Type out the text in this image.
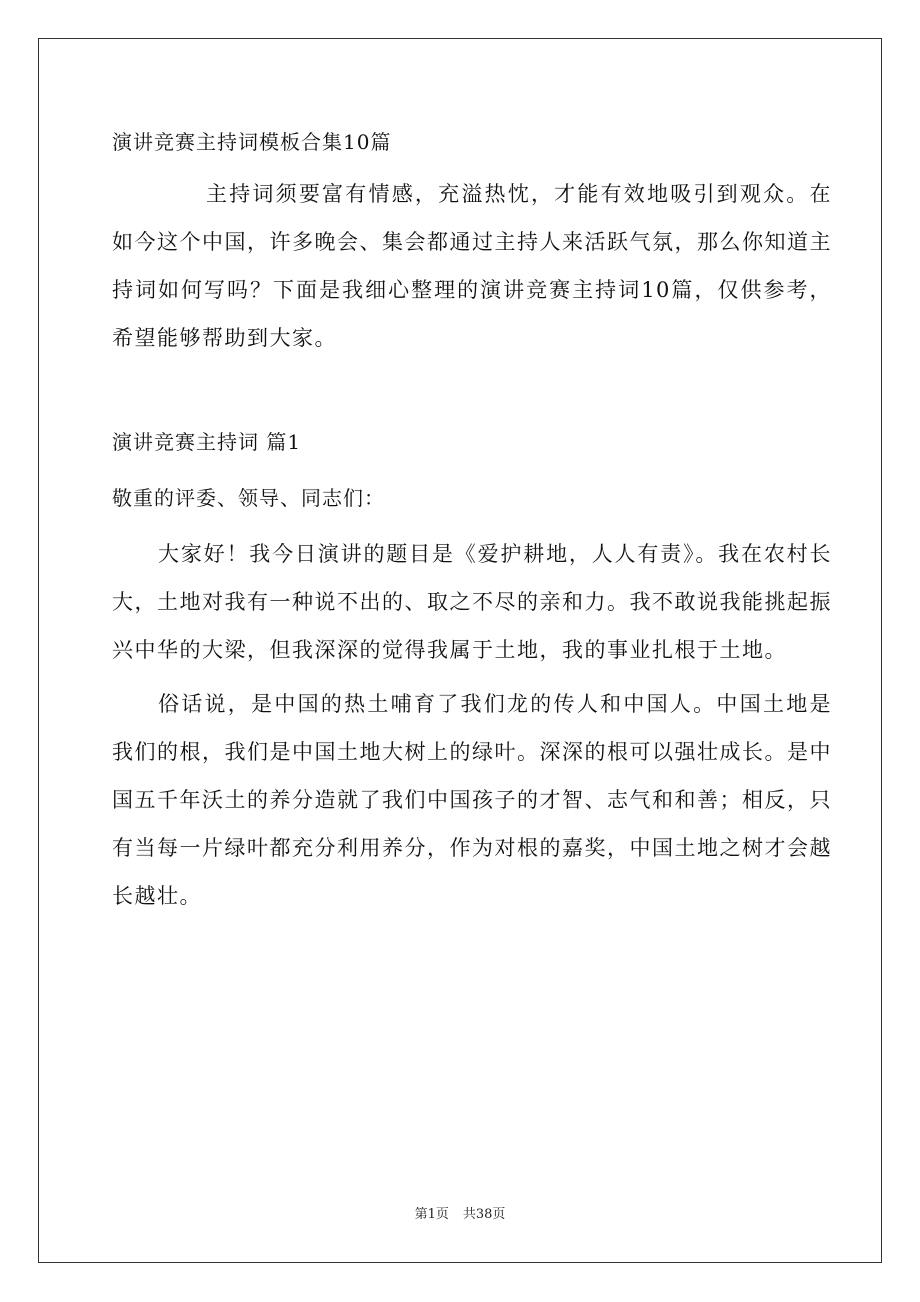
演讲竞赛主持词模板合集10篇

主持词须要富有情感，充溢热忱，才能有效地吸引到观众。在如今这个中国，许多晚会、集会都通过主持人来活跃气氛，那么你知道主持词如何写吗？下面是我细心整理的演讲竞赛主持词10篇，仅供参考，希望能够帮助到大家。

演讲竞赛主持词 篇1

敬重的评委、领导、同志们：

大家好！我今日演讲的题目是《爱护耕地，人人有责》。我在农村长大，土地对我有一种说不出的、取之不尽的亲和力。我不敢说我能挑起振兴中华的大梁，但我深深的觉得我属于土地，我的事业扎根于土地。

俗话说，是中国的热土哺育了我们龙的传人和中国人。中国土地是我们的根，我们是中国土地大树上的绿叶。深深的根可以强壮成长。是中国五千年沃土的养分造就了我们中国孩子的才智、志气和和善；相反，只有当每一片绿叶都充分利用养分，作为对根的嘉奖，中国土地之树才会越长越壮。

第1页 共38页
